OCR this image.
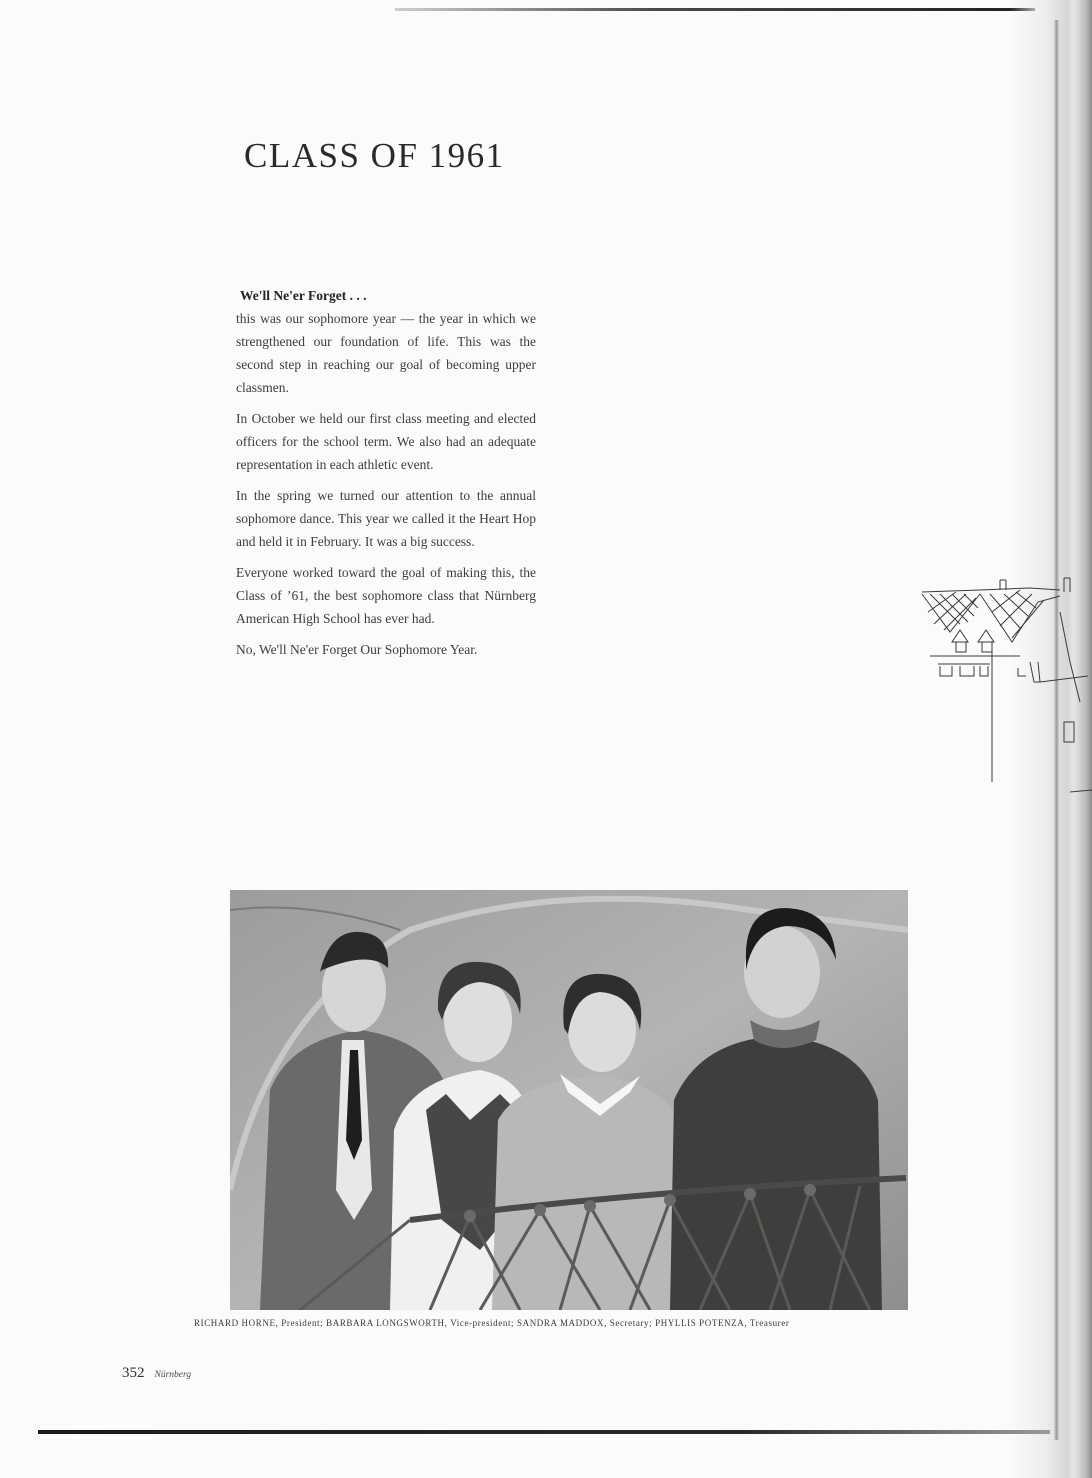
CLASS OF 1961
We'll Ne'er Forget . . .

this was our sophomore year — the year in which we strengthened our foundation of life. This was the second step in reaching our goal of becoming upper classmen.

In October we held our first class meeting and elected officers for the school term. We also had an adequate representation in each athletic event.

In the spring we turned our attention to the annual sophomore dance. This year we called it the Heart Hop and held it in February. It was a big success.

Everyone worked toward the goal of making this, the Class of ’61, the best sophomore class that Nürnberg American High School has ever had.

No, We'll Ne'er Forget Our Sophomore Year.

RICHARD HORNE, President; BARBARA LONGSWORTH, Vice-president; SANDRA MADDOX, Secretary; PHYLLIS POTENZA, Treasurer
352 Nürnberg
